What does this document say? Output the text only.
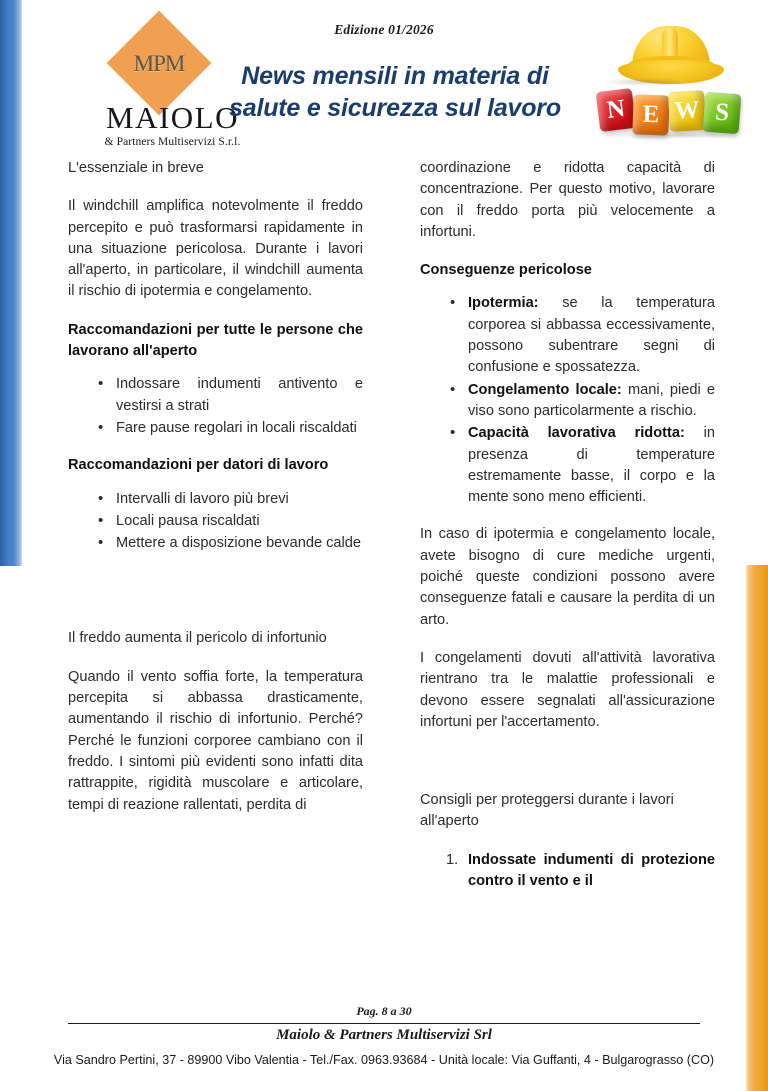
Edizione 01/2026
MPM
MAIOLO
& Partners Multiservizi S.r.l.
News mensili in materia di salute e sicurezza sul lavoro	N E W S

L'essenziale in breve

Il windchill amplifica notevolmente il freddo percepito e può trasformarsi rapidamente in una situazione pericolosa. Durante i lavori all'aperto, in particolare, il windchill aumenta il rischio di ipotermia e congelamento.

Raccomandazioni per tutte le persone che lavorano all'aperto
• Indossare indumenti antivento e vestirsi a strati
• Fare pause regolari in locali riscaldati
Raccomandazioni per datori di lavoro
• Intervalli di lavoro più brevi
• Locali pausa riscaldati
• Mettere a disposizione bevande calde

Il freddo aumenta il pericolo di infortunio

Quando il vento soffia forte, la temperatura percepita si abbassa drasticamente, aumentando il rischio di infortunio. Perché? Perché le funzioni corporee cambiano con il freddo. I sintomi più evidenti sono infatti dita rattrappite, rigidità muscolare e articolare, tempi di reazione rallentati, perdita di

coordinazione e ridotta capacità di concentrazione. Per questo motivo, lavorare con il freddo porta più velocemente a infortuni.

Conseguenze pericolose
• Ipotermia: se la temperatura corporea si abbassa eccessivamente, possono subentrare segni di confusione e spossatezza.
• Congelamento locale: mani, piedi e viso sono particolarmente a rischio.
• Capacità lavorativa ridotta: in presenza di temperature estremamente basse, il corpo e la mente sono meno efficienti.

In caso di ipotermia e congelamento locale, avete bisogno di cure mediche urgenti, poiché queste condizioni possono avere conseguenze fatali e causare la perdita di un arto.

I congelamenti dovuti all'attività lavorativa rientrano tra le malattie professionali e devono essere segnalati all'assicurazione infortuni per l'accertamento.

Consigli per proteggersi durante i lavori all'aperto

Indossate indumenti di protezione contro il vento e il
Pag. 8 a 30
Maiolo & Partners Multiservizi Srl
Via Sandro Pertini, 37 - 89900 Vibo Valentia - Tel./Fax. 0963.93684 - Unità locale: Via Guffanti, 4 - Bulgarograsso (CO)
